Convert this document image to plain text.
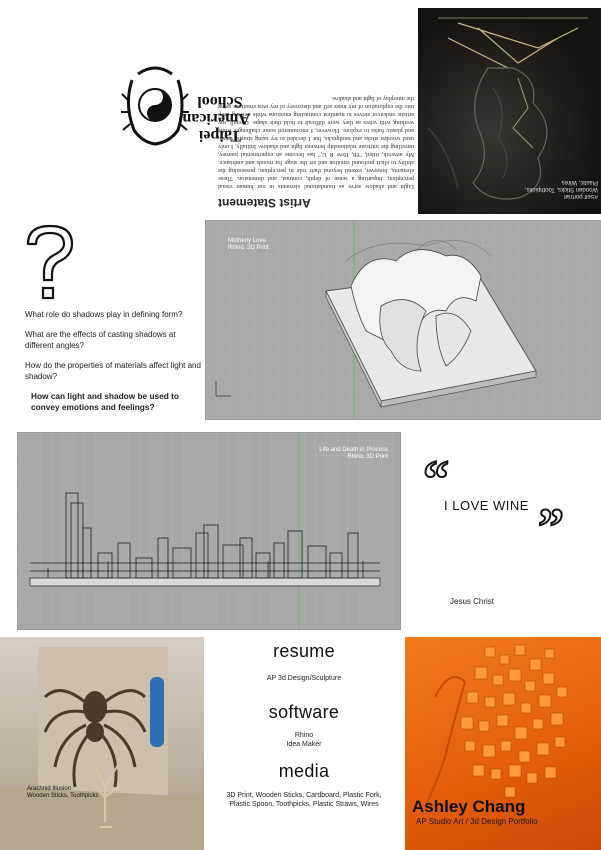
Artist Statement
Light and shadow serve as foundational elements in our human visual perception, imparting a sense of depth, contrast, and dimension. These elements, however, extend beyond their role in perception, possessing the ability to elicit profound emotion and set the stage for moods and ambiance. My artwork, titled, "Hi, How R U," has become an experimental journey, unveiling the intricate relationship between light and shadow. Initially, I only used wooden sticks and toothpicks, but I decided to try using straws, wires, and plastic forks to explore. However, I encountered some challenges while working with wires as they were difficult to hold their shape. Overall, my artistic endeavor strives to manifest contrasting emotions while delving deep into the exploration of my inner self and discovery of my own emotions using the interplay of light and shadow.
Taipei
American
School
#Self portrait
Wooden Sticks, Toothpicks, Plastic, Wires

What role do shadows play in defining form?

What are the effects of casting shadows at different angles?

How do the properties of materials affect light and shadow?

How can light and shadow be used to convey emotions and feelings?

Motherly Love
Rhino, 3D Print
Life and Death in Process
Rhino, 3D Print “
I LOVE WINE ”
Jesus Christ
Arachnid Illusion
Wooden Sticks, Toothpicks
resume
AP 3d Design/Sculpture
software
Rhino
Idea Maker
media
3D Print, Wooden Sticks, Cardboard, Plastic Fork, Plastic Spoon, Toothpicks, Plastic Straws, Wires	Ashley Chang
AP Studio Art / 3d Design Portfolio
